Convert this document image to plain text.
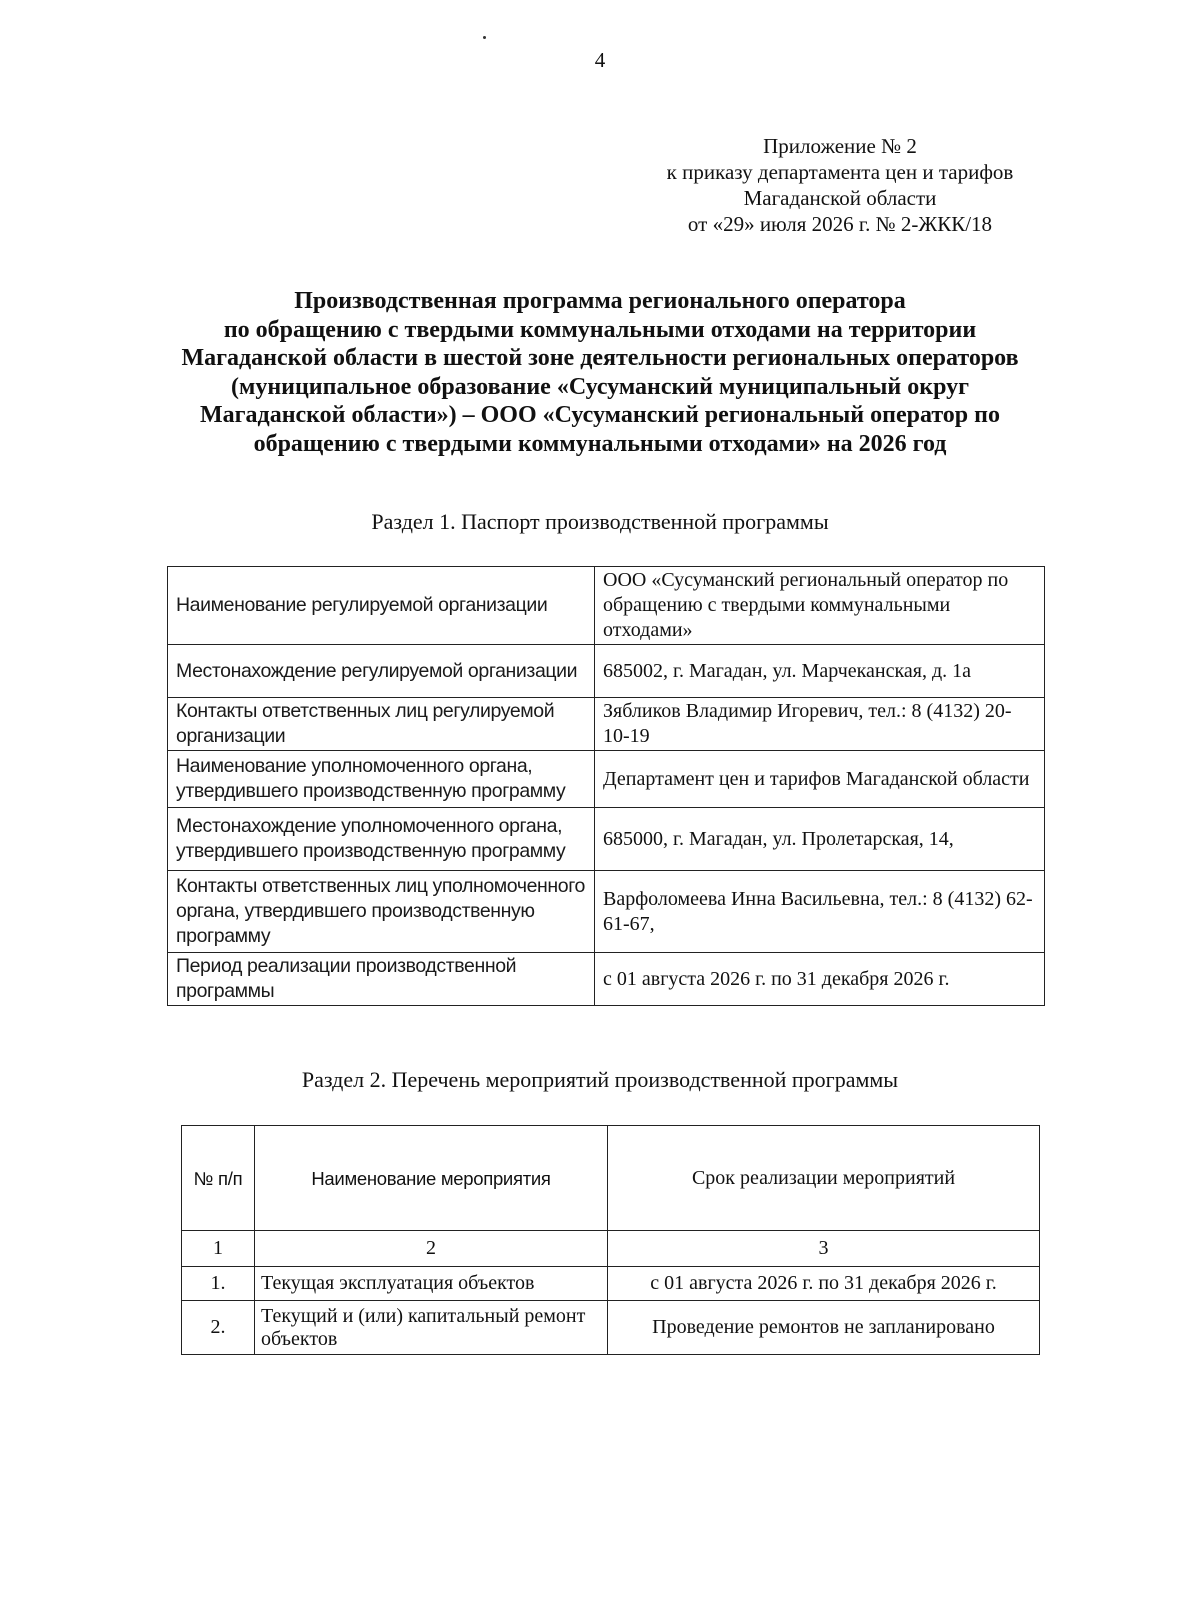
4
Приложение № 2
к приказу департамента цен и тарифов
Магаданской области
от «29» июля 2026 г. № 2-ЖКК/18
Производственная программа регионального оператора
по обращению с твердыми коммунальными отходами на территории
Магаданской области в шестой зоне деятельности региональных операторов
(муниципальное образование «Сусуманский муниципальный округ
Магаданской области») – ООО «Сусуманский региональный оператор по
обращению с твердыми коммунальными отходами» на 2026 год
Раздел 1. Паспорт производственной программы
Наименование регулируемой организации	ООО «Сусуманский региональный оператор по обращению с твердыми коммунальными отходами»
Местонахождение регулируемой организации	685002, г. Магадан, ул. Марчеканская, д. 1а
Контакты ответственных лиц регулируемой организации	Зябликов Владимир Игоревич, тел.: 8 (4132) 20-10-19
Наименование уполномоченного органа, утвердившего производственную программу	Департамент цен и тарифов Магаданской области
Местонахождение уполномоченного органа, утвердившего производственную программу	685000, г. Магадан, ул. Пролетарская, 14,
Контакты ответственных лиц уполномоченного органа, утвердившего производственную программу	Варфоломеева Инна Васильевна, тел.: 8 (4132) 62-61-67,
Период реализации производственной программы	с 01 августа 2026 г. по 31 декабря 2026 г.
Раздел 2. Перечень мероприятий производственной программы
№ п/п	Наименование мероприятия	Срок реализации мероприятий
1	2	3
1.	Текущая эксплуатация объектов	с 01 августа 2026 г. по 31 декабря 2026 г.
2.	Текущий и (или) капитальный ремонт объектов	Проведение ремонтов не запланировано
